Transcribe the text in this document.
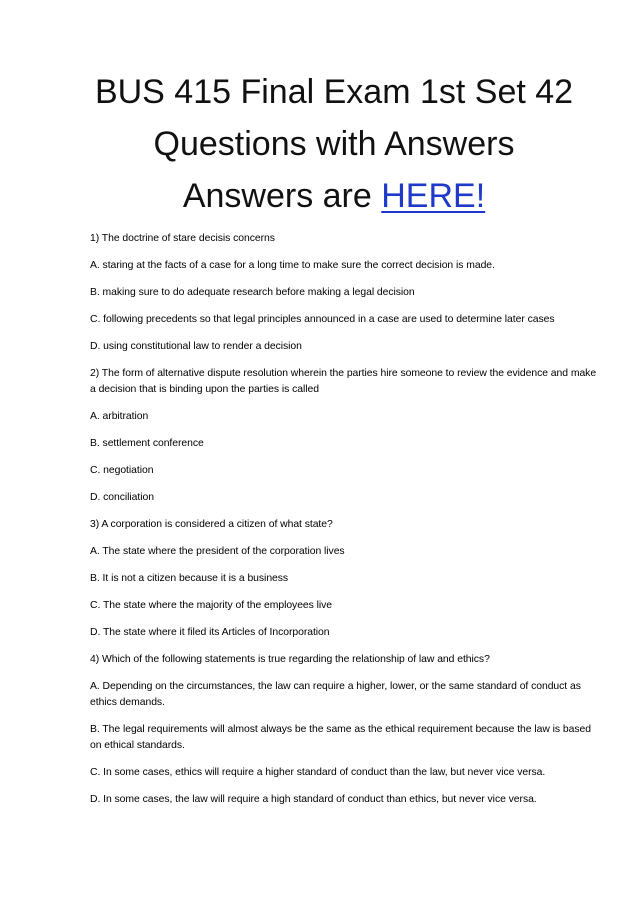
BUS 415 Final Exam 1st Set 42
Questions with Answers
Answers are HERE!

1) The doctrine of stare decisis concerns

A. staring at the facts of a case for a long time to make sure the correct decision is made.

B. making sure to do adequate research before making a legal decision

C. following precedents so that legal principles announced in a case are used to determine later cases

D. using constitutional law to render a decision

2) The form of alternative dispute resolution wherein the parties hire someone to review the evidence and make a decision that is binding upon the parties is called

A. arbitration

B. settlement conference

C. negotiation

D. conciliation

3) A corporation is considered a citizen of what state?

A. The state where the president of the corporation lives

B. It is not a citizen because it is a business

C. The state where the majority of the employees live

D. The state where it filed its Articles of Incorporation

4) Which of the following statements is true regarding the relationship of law and ethics?

A. Depending on the circumstances, the law can require a higher, lower, or the same standard of conduct as ethics demands.

B. The legal requirements will almost always be the same as the ethical requirement because the law is based on ethical standards.

C. In some cases, ethics will require a higher standard of conduct than the law, but never vice versa.

D. In some cases, the law will require a high standard of conduct than ethics, but never vice versa.
